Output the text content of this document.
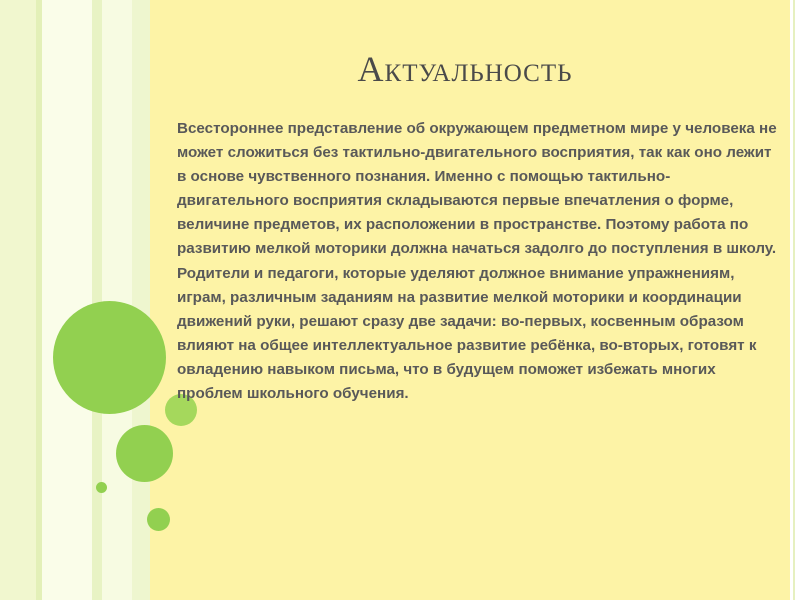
Актуальность

Всестороннее представление об окружающем предметном мире у человека не может сложиться без тактильно-двигательного восприятия, так как оно лежит в основе чувственного познания. Именно с помощью тактильно-двигательного восприятия складываются первые впечатления о форме, величине предметов, их расположении в пространстве. Поэтому работа по развитию мелкой моторики должна начаться задолго до поступления в школу. Родители и педагоги, которые уделяют должное внимание упражнениям, играм, различным заданиям на развитие мелкой моторики и координации движений руки, решают сразу две задачи: во-первых, косвенным образом влияют на общее интеллектуальное развитие ребёнка, во-вторых, готовят к овладению навыком письма, что в будущем поможет избежать многих проблем школьного обучения.
